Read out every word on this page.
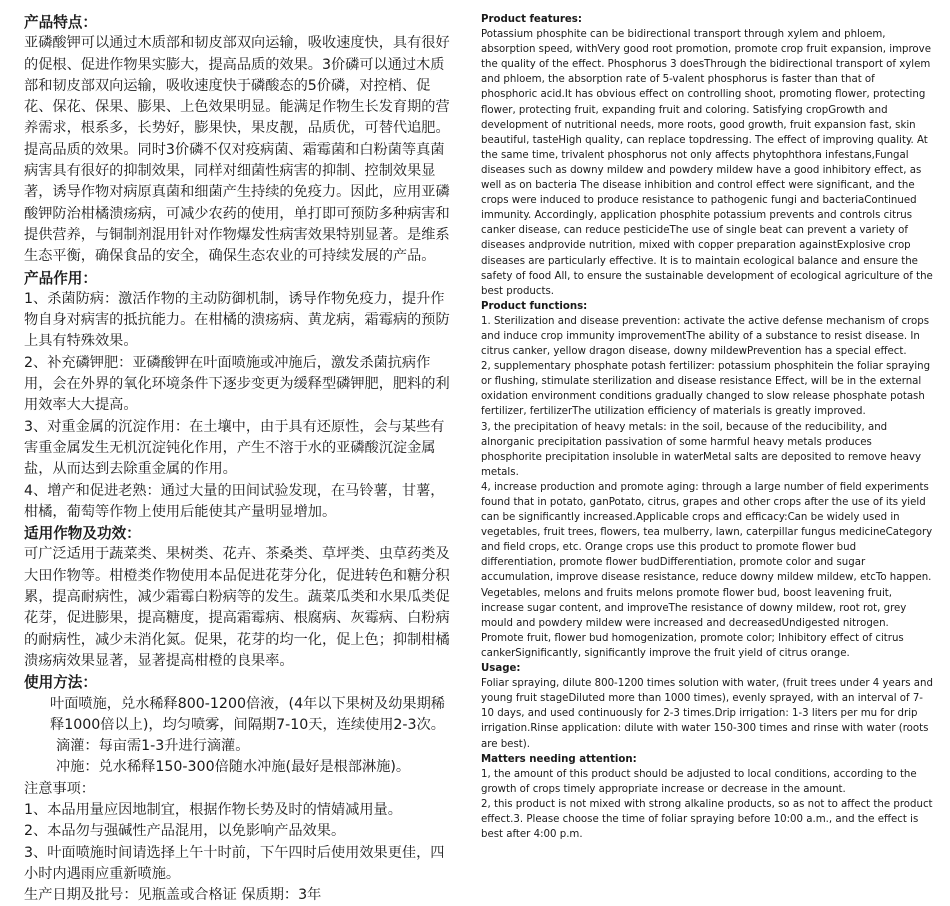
产品特点：

亚磷酸钾可以通过木质部和韧皮部双向运输，吸收速度快，具有很好的促根、促进作物果实膨大，提高品质的效果。3价磷可以通过木质部和韧皮部双向运输，吸收速度快于磷酸态的5价磷，对控梢、促花、保花、保果、膨果、上色效果明显。能满足作物生长发育期的营养需求，根系多，长势好，膨果快，果皮靓，品质优，可替代追肥。提高品质的效果。同时3价磷不仅对疫病菌、霜霉菌和白粉菌等真菌病害具有很好的抑制效果，同样对细菌性病害的抑制、控制效果显著，诱导作物对病原真菌和细菌产生持续的免疫力。因此，应用亚磷酸钾防治柑橘溃疡病，可减少农药的使用，单打即可预防多种病害和提供营养，与铜制剂混用针对作物爆发性病害效果特别显著。是维系生态平衡，确保食品的安全，确保生态农业的可持续发展的产品。

产品作用：

1、杀菌防病：激活作物的主动防御机制，诱导作物免疫力，提升作物自身对病害的抵抗能力。在柑橘的溃疡病、黄龙病，霜霉病的预防上具有特殊效果。

2、补充磷钾肥：亚磷酸钾在叶面喷施或冲施后，激发杀菌抗病作用，会在外界的氧化环境条件下逐步变更为缓释型磷钾肥，肥料的利用效率大大提高。

3、对重金属的沉淀作用：在土壤中，由于具有还原性，会与某些有害重金属发生无机沉淀钝化作用，产生不溶于水的亚磷酸沉淀金属盐，从而达到去除重金属的作用。

4、增产和促进老熟：通过大量的田间试验发现，在马铃薯，甘薯，柑橘，葡萄等作物上使用后能使其产量明显增加。

适用作物及功效：

可广泛适用于蔬菜类、果树类、花卉、茶桑类、草坪类、虫草药类及大田作物等。柑橙类作物使用本品促进花芽分化，促进转色和糖分积累，提高耐病性，减少霜霉白粉病等的发生。蔬菜瓜类和水果瓜类促花芽，促进膨果，提高糖度，提高霜霉病、根腐病、灰霉病、白粉病的耐病性，减少未消化氮。促果，花芽的均一化，促上色；抑制柑橘溃疡病效果显著，显著提高柑橙的良果率。

使用方法：

叶面喷施，兑水稀释800-1200倍液，(4年以下果树及幼果期稀释1000倍以上)，均匀喷雾，间隔期7-10天，连续使用2-3次。

滴灌：每亩需1-3升进行滴灌。

冲施：兑水稀释150-300倍随水冲施(最好是根部淋施)。

注意事项：

1、本品用量应因地制宜，根据作物长势及时的情婧减用量。

2、本品勿与强碱性产品混用，以免影响产品效果。

3、叶面喷施时间请选择上午十时前，下午四时后使用效果更佳，四小时内遇雨应重新喷施。

生产日期及批号：见瓶盖或合格证 保质期：3年

Product features:

Potassium phosphite can be bidirectional transport through xylem and phloem, absorption speed, withVery good root promotion, promote crop fruit expansion, improve the quality of the effect. Phosphorus 3 doesThrough the bidirectional transport of xylem and phloem, the absorption rate of 5-valent phosphorus is faster than that of phosphoric acid.It has obvious effect on controlling shoot, promoting flower, protecting flower, protecting fruit, expanding fruit and coloring. Satisfying cropGrowth and development of nutritional needs, more roots, good growth, fruit expansion fast, skin beautiful, tasteHigh quality, can replace topdressing. The effect of improving quality. At the same time, trivalent phosphorus not only affects phytophthora infestans,Fungal diseases such as downy mildew and powdery mildew have a good inhibitory effect, as well as on bacteria The disease inhibition and control effect were significant, and the crops were induced to produce resistance to pathogenic fungi and bacteriaContinued immunity. Accordingly, application phosphite potassium prevents and controls citrus canker disease, can reduce pesticideThe use of single beat can prevent a variety of diseases andprovide nutrition, mixed with copper preparation againstExplosive crop diseases are particularly effective. It is to maintain ecological balance and ensure the safety of food All, to ensure the sustainable development of ecological agriculture of the best products.

Product functions:

1. Sterilization and disease prevention: activate the active defense mechanism of crops and induce crop immunity improvementThe ability of a substance to resist disease. In citrus canker, yellow dragon disease, downy mildewPrevention has a special effect.

2, supplementary phosphate potash fertilizer: potassium phosphitein the foliar spraying or flushing, stimulate sterilization and disease resistance Effect, will be in the external oxidation environment conditions gradually changed to slow release phosphate potash fertilizer, fertilizerThe utilization efficiency of materials is greatly improved.

3, the precipitation of heavy metals: in the soil, because of the reducibility, and alnorganic precipitation passivation of some harmful heavy metals produces phosphorite precipitation insoluble in waterMetal salts are deposited to remove heavy metals.

4, increase production and promote aging: through a large number of field experiments found that in potato, ganPotato, citrus, grapes and other crops after the use of its yield can be significantly increased.Applicable crops and efficacy:Can be widely used in vegetables, fruit trees, flowers, tea mulberry, lawn, caterpillar fungus medicineCategory and field crops, etc. Orange crops use this product to promote flower bud differentiation, promote flower budDifferentiation, promote color and sugar accumulation, improve disease resistance, reduce downy mildew mildew, etcTo happen. Vegetables, melons and fruits melons promote flower bud, boost leavening fruit, increase sugar content, and improveThe resistance of downy mildew, root rot, grey mould and powdery mildew were increased and decreasedUndigested nitrogen. Promote fruit, flower bud homogenization, promote color; Inhibitory effect of citrus cankerSignificantly, significantly improve the fruit yield of citrus orange.

Usage:

Foliar spraying, dilute 800-1200 times solution with water, (fruit trees under 4 years and young fruit stageDiluted more than 1000 times), evenly sprayed, with an interval of 7-10 days, and used continuously for 2-3 times.Drip irrigation: 1-3 liters per mu for drip irrigation.Rinse application: dilute with water 150-300 times and rinse with water (roots are best).

Matters needing attention:

1, the amount of this product should be adjusted to local conditions, according to the growth of crops timely appropriate increase or decrease in the amount.

2, this product is not mixed with strong alkaline products, so as not to affect the product effect.3. Please choose the time of foliar spraying before 10:00 a.m., and the effect is best after 4:00 p.m.
